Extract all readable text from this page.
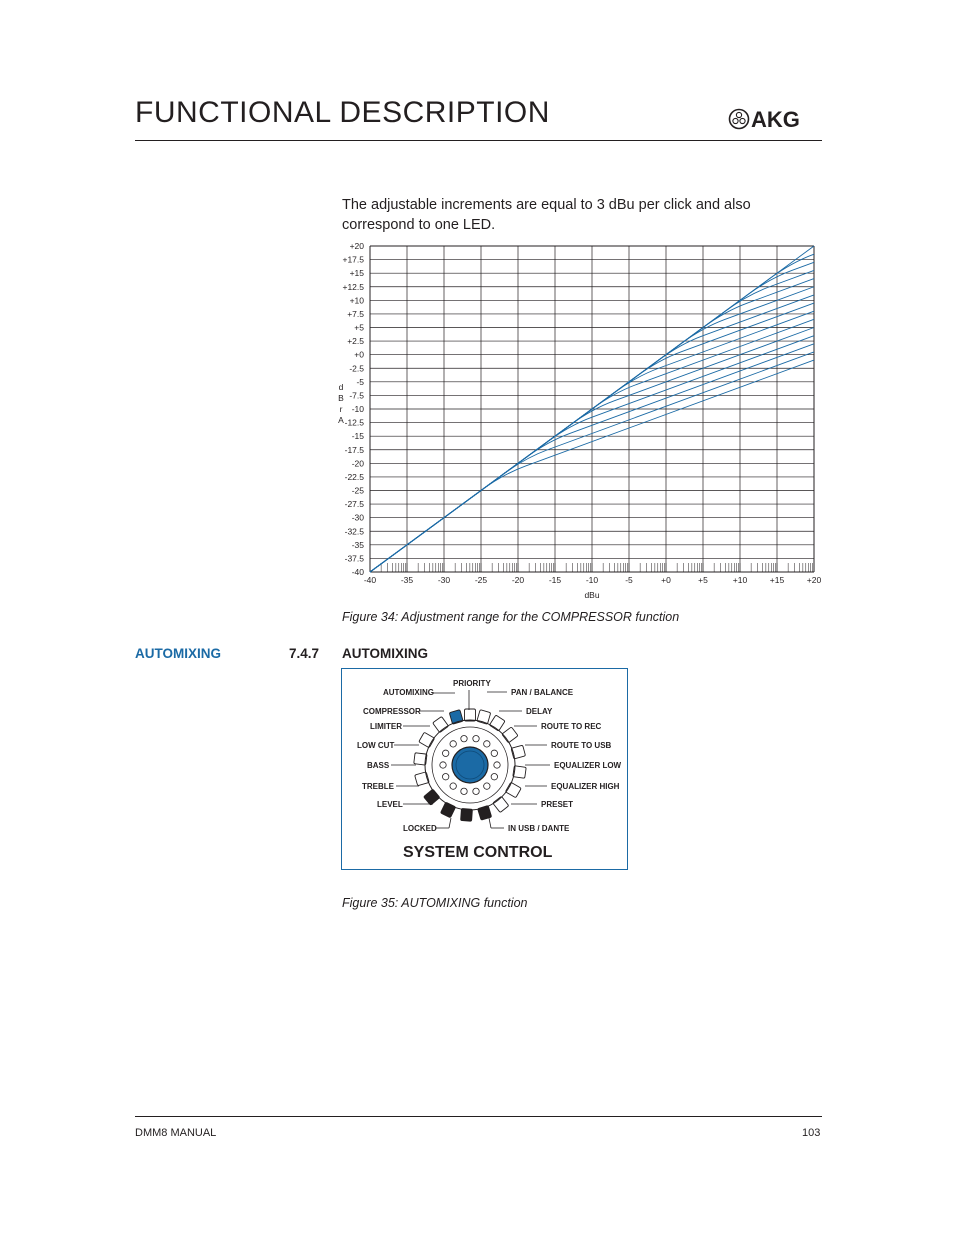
FUNCTIONAL DESCRIPTION	AKG
The adjustable increments are equal to 3 dBu per click and also correspond to one LED.
+20
+17.5
+15
+12.5
+10
+7.5
+5
+2.5
+0
-2.5
-5
-7.5
-10
-12.5
-15
-17.5
-20
-22.5
-25
-27.5
-30
-32.5
-35
-37.5
-40
-40	-35	-30	-25	-20	-15	-10	-5	+0	+5	+10	+15	+20
dBu
d
B
r
A
Figure 34: Adjustment range for the COMPRESSOR function
AUTOMIXING	7.4.7 AUTOMIXING
PRIORITY
AUTOMIXING
COMPRESSOR
LIMITER
LOW CUT
BASS
TREBLE
LEVEL
LOCKED
PAN / BALANCE
DELAY
ROUTE TO REC
ROUTE TO USB
EQUALIZER LOW
EQUALIZER HIGH
PRESET
IN USB / DANTE
SYSTEM CONTROL
Figure 35: AUTOMIXING function
DMM8 MANUAL	103
